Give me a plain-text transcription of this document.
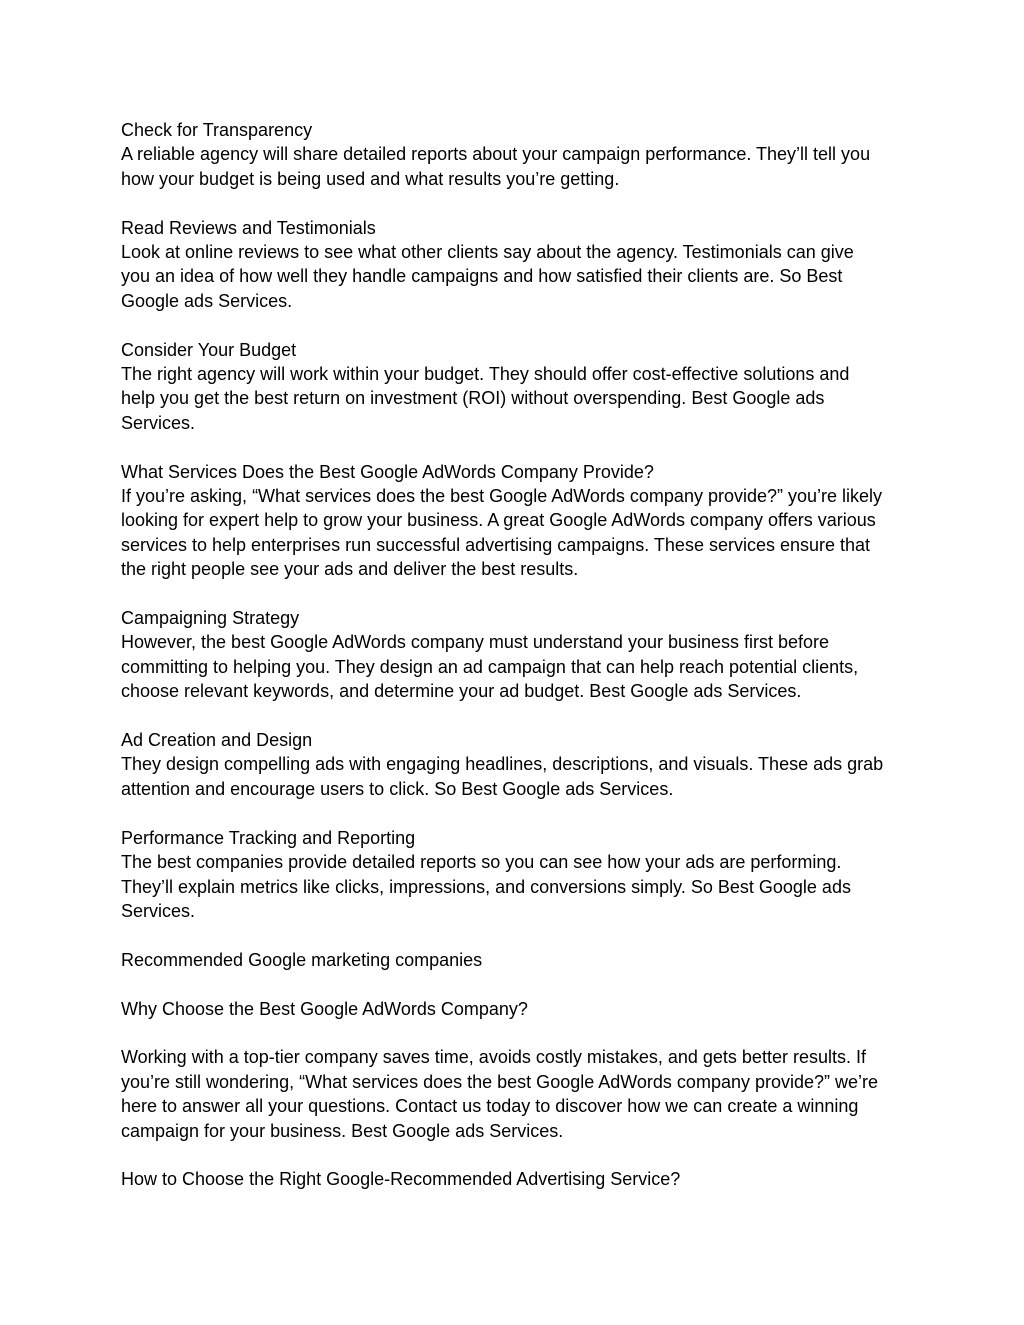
Check for Transparency
A reliable agency will share detailed reports about your campaign performance. They’ll tell you
how your budget is being used and what results you’re getting.
Read Reviews and Testimonials
Look at online reviews to see what other clients say about the agency. Testimonials can give
you an idea of how well they handle campaigns and how satisfied their clients are. So Best
Google ads Services.
Consider Your Budget
The right agency will work within your budget. They should offer cost-effective solutions and
help you get the best return on investment (ROI) without overspending. Best Google ads
Services.
What Services Does the Best Google AdWords Company Provide?
If you’re asking, “What services does the best Google AdWords company provide?” you’re likely
looking for expert help to grow your business. A great Google AdWords company offers various
services to help enterprises run successful advertising campaigns. These services ensure that
the right people see your ads and deliver the best results.
Campaigning Strategy
However, the best Google AdWords company must understand your business first before
committing to helping you. They design an ad campaign that can help reach potential clients,
choose relevant keywords, and determine your ad budget. Best Google ads Services.
Ad Creation and Design
They design compelling ads with engaging headlines, descriptions, and visuals. These ads grab
attention and encourage users to click. So Best Google ads Services.
Performance Tracking and Reporting
The best companies provide detailed reports so you can see how your ads are performing.
They’ll explain metrics like clicks, impressions, and conversions simply. So Best Google ads
Services.
Recommended Google marketing companies
Why Choose the Best Google AdWords Company?
Working with a top-tier company saves time, avoids costly mistakes, and gets better results. If
you’re still wondering, “What services does the best Google AdWords company provide?” we’re
here to answer all your questions. Contact us today to discover how we can create a winning
campaign for your business. Best Google ads Services.
How to Choose the Right Google-Recommended Advertising Service?
